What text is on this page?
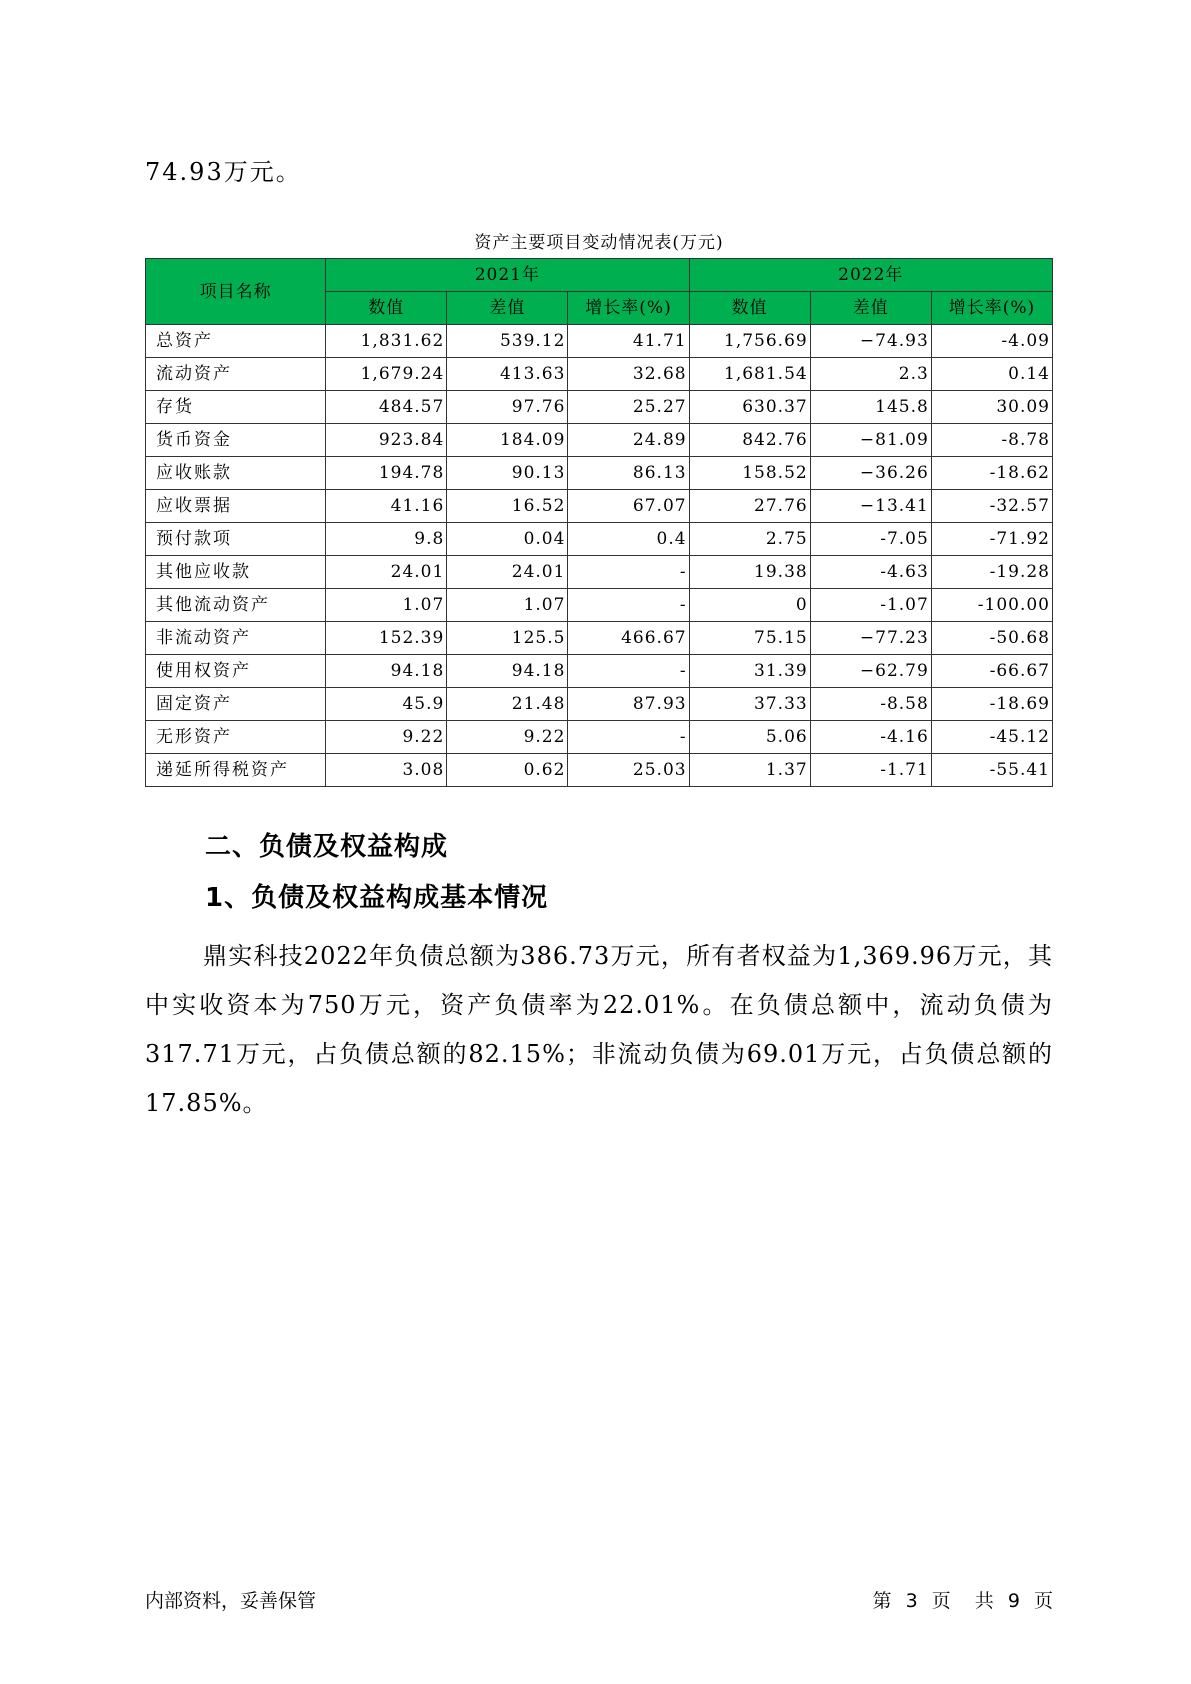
74.93万元。
资产主要项目变动情况表(万元)
项目名称	2021年			2022年		
	数值	差值	增长率(%)	数值	差值	增长率(%)
总资产	1,831.62	539.12	41.71	1,756.69	−74.93	-4.09
流动资产	1,679.24	413.63	32.68	1,681.54	2.3	0.14
存货	484.57	97.76	25.27	630.37	145.8	30.09
货币资金	923.84	184.09	24.89	842.76	−81.09	-8.78
应收账款	194.78	90.13	86.13	158.52	−36.26	-18.62
应收票据	41.16	16.52	67.07	27.76	−13.41	-32.57
预付款项	9.8	0.04	0.4	2.75	-7.05	-71.92
其他应收款	24.01	24.01	-	19.38	-4.63	-19.28
其他流动资产	1.07	1.07	-	0	-1.07	-100.00
非流动资产	152.39	125.5	466.67	75.15	−77.23	-50.68
使用权资产	94.18	94.18	-	31.39	−62.79	-66.67
固定资产	45.9	21.48	87.93	37.33	-8.58	-18.69
无形资产	9.22	9.22	-	5.06	-4.16	-45.12
递延所得税资产	3.08	0.62	25.03	1.37	-1.71	-55.41
二、负债及权益构成
1、负债及权益构成基本情况
鼎实科技2022年负债总额为386.73万元，所有者权益为1,369.96万元，其中实收资本为750万元，资产负债率为22.01%。在负债总额中，流动负债为317.71万元，占负债总额的82.15%；非流动负债为69.01万元，占负债总额的17.85%。
内部资料，妥善保管	第 3 页 共 9 页
